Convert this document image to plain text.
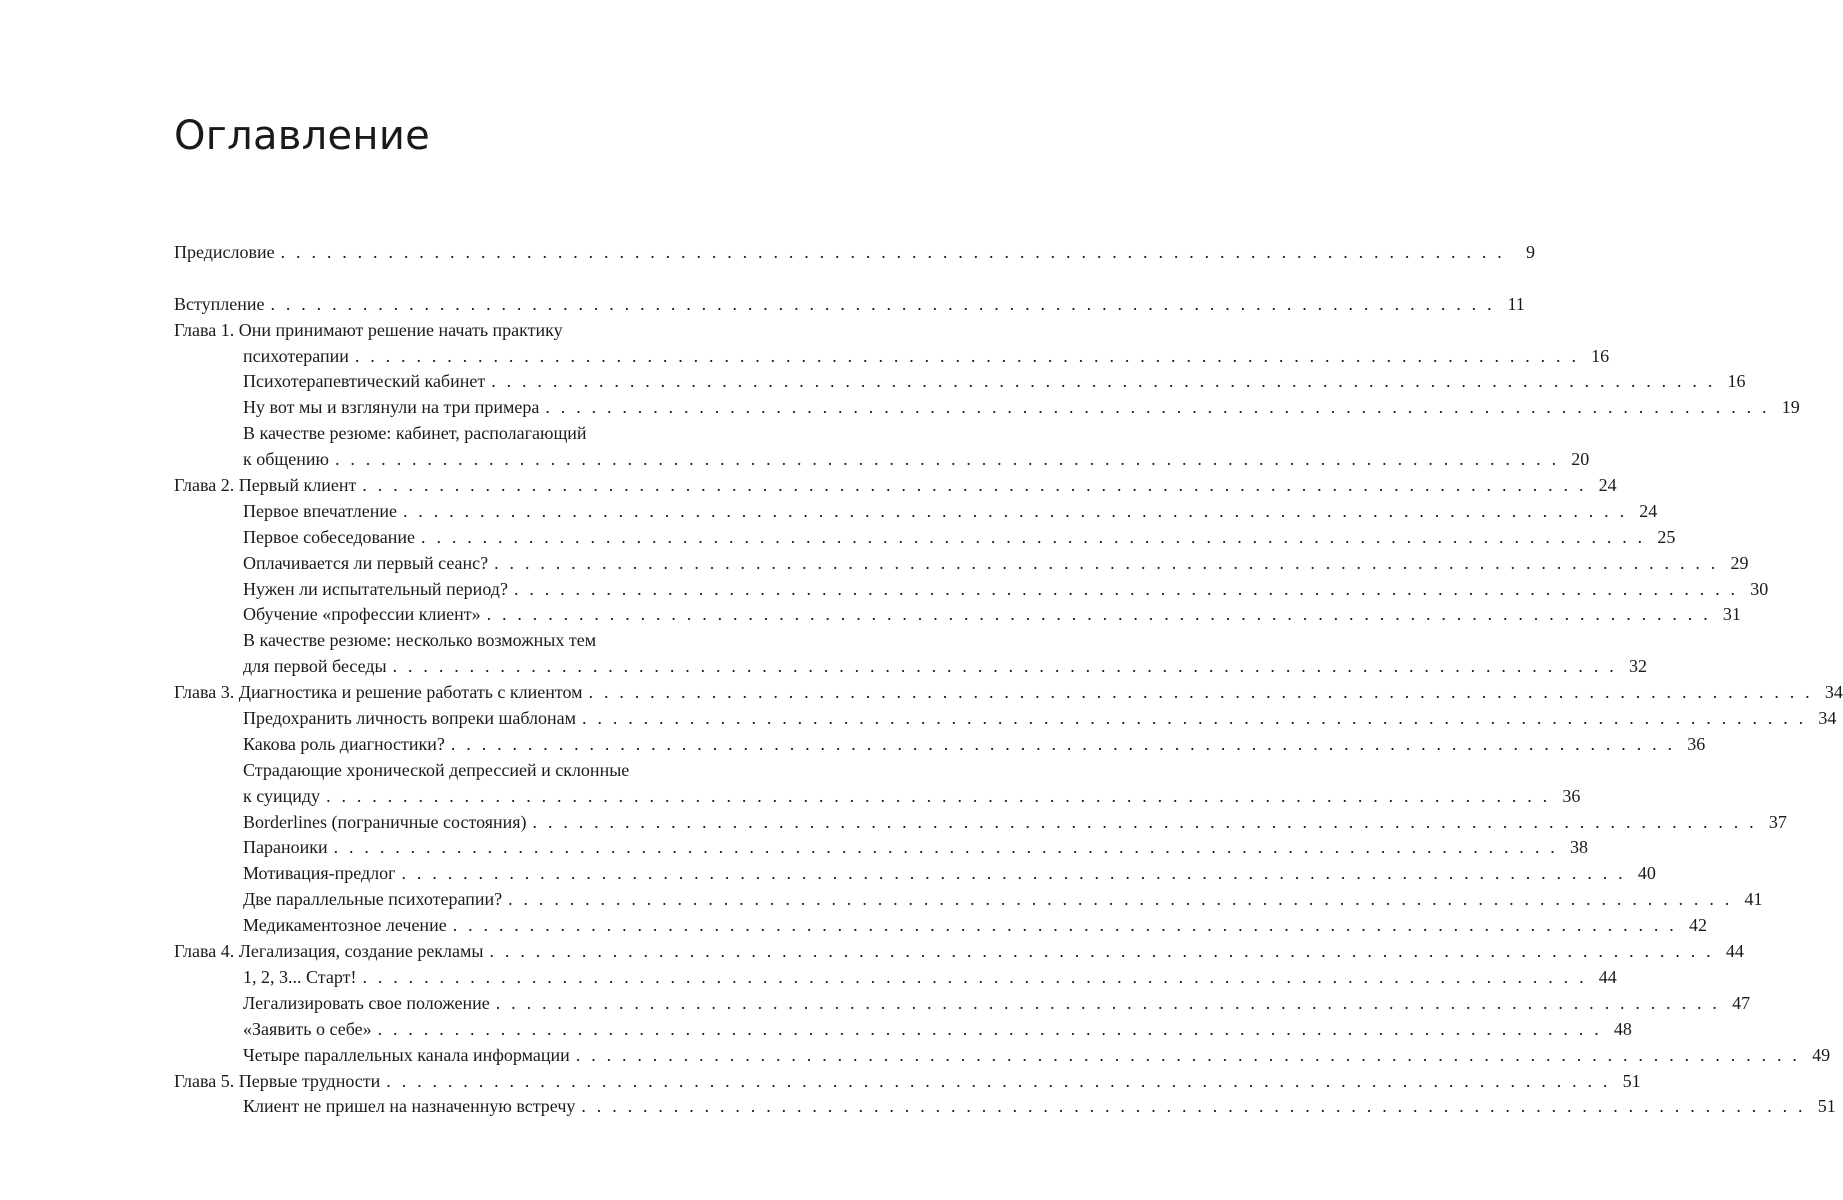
Оглавление
Предисловие . . . . . . . . . . . . . . . . . . . . . . . . . . . . . . . . . . . . . . . . . . . . . . . . . . . . . . . . . . . . . . . . . . . . . . . . . . . . . . . .	9
Вступление . . . . . . . . . . . . . . . . . . . . . . . . . . . . . . . . . . . . . . . . . . . . . . . . . . . . . . . . . . . . . . . . . . . . . . . . . . . . . . . . 11
Глава 1. Они принимают решение начать практику
психотерапии . . . . . . . . . . . . . . . . . . . . . . . . . . . . . . . . . . . . . . . . . . . . . . . . . . . . . . . . . . . . . . . . . . . . . . . . . . . . . . . . 16
Психотерапевтический кабинет . . . . . . . . . . . . . . . . . . . . . . . . . . . . . . . . . . . . . . . . . . . . . . . . . . . . . . . . . . . . . . . . . . . . . . . . . . . . . . . . 16
Ну вот мы и взглянули на три примера . . . . . . . . . . . . . . . . . . . . . . . . . . . . . . . . . . . . . . . . . . . . . . . . . . . . . . . . . . . . . . . . . . . . . . . . . . . . . . . . 19
В качестве резюме: кабинет, располагающий
к общению . . . . . . . . . . . . . . . . . . . . . . . . . . . . . . . . . . . . . . . . . . . . . . . . . . . . . . . . . . . . . . . . . . . . . . . . . . . . . . . . 20
Глава 2. Первый клиент . . . . . . . . . . . . . . . . . . . . . . . . . . . . . . . . . . . . . . . . . . . . . . . . . . . . . . . . . . . . . . . . . . . . . . . . . . . . . . . . 24
Первое впечатление . . . . . . . . . . . . . . . . . . . . . . . . . . . . . . . . . . . . . . . . . . . . . . . . . . . . . . . . . . . . . . . . . . . . . . . . . . . . . . . . 24
Первое собеседование . . . . . . . . . . . . . . . . . . . . . . . . . . . . . . . . . . . . . . . . . . . . . . . . . . . . . . . . . . . . . . . . . . . . . . . . . . . . . . . . 25
Оплачивается ли первый сеанс? . . . . . . . . . . . . . . . . . . . . . . . . . . . . . . . . . . . . . . . . . . . . . . . . . . . . . . . . . . . . . . . . . . . . . . . . . . . . . . . . 29
Нужен ли испытательный период? . . . . . . . . . . . . . . . . . . . . . . . . . . . . . . . . . . . . . . . . . . . . . . . . . . . . . . . . . . . . . . . . . . . . . . . . . . . . . . . . 30
Обучение «профессии клиент» . . . . . . . . . . . . . . . . . . . . . . . . . . . . . . . . . . . . . . . . . . . . . . . . . . . . . . . . . . . . . . . . . . . . . . . . . . . . . . . . 31
В качестве резюме: несколько возможных тем
для первой беседы . . . . . . . . . . . . . . . . . . . . . . . . . . . . . . . . . . . . . . . . . . . . . . . . . . . . . . . . . . . . . . . . . . . . . . . . . . . . . . . . 32
Глава 3. Диагностика и решение работать с клиентом . . . . . . . . . . . . . . . . . . . . . . . . . . . . . . . . . . . . . . . . . . . . . . . . . . . . . . . . . . . . . . . . . . . . . . . . . . . . . . . . 34
Предохранить личность вопреки шаблонам . . . . . . . . . . . . . . . . . . . . . . . . . . . . . . . . . . . . . . . . . . . . . . . . . . . . . . . . . . . . . . . . . . . . . . . . . . . . . . . . 34
Какова роль диагностики? . . . . . . . . . . . . . . . . . . . . . . . . . . . . . . . . . . . . . . . . . . . . . . . . . . . . . . . . . . . . . . . . . . . . . . . . . . . . . . . . 36
Страдающие хронической депрессией и склонные
к суициду . . . . . . . . . . . . . . . . . . . . . . . . . . . . . . . . . . . . . . . . . . . . . . . . . . . . . . . . . . . . . . . . . . . . . . . . . . . . . . . . 36
Borderlines (пограничные состояния) . . . . . . . . . . . . . . . . . . . . . . . . . . . . . . . . . . . . . . . . . . . . . . . . . . . . . . . . . . . . . . . . . . . . . . . . . . . . . . . . 37
Параноики . . . . . . . . . . . . . . . . . . . . . . . . . . . . . . . . . . . . . . . . . . . . . . . . . . . . . . . . . . . . . . . . . . . . . . . . . . . . . . . . 38
Мотивация-предлог . . . . . . . . . . . . . . . . . . . . . . . . . . . . . . . . . . . . . . . . . . . . . . . . . . . . . . . . . . . . . . . . . . . . . . . . . . . . . . . . 40
Две параллельные психотерапии? . . . . . . . . . . . . . . . . . . . . . . . . . . . . . . . . . . . . . . . . . . . . . . . . . . . . . . . . . . . . . . . . . . . . . . . . . . . . . . . . 41
Медикаментозное лечение . . . . . . . . . . . . . . . . . . . . . . . . . . . . . . . . . . . . . . . . . . . . . . . . . . . . . . . . . . . . . . . . . . . . . . . . . . . . . . . . 42
Глава 4. Легализация, создание рекламы . . . . . . . . . . . . . . . . . . . . . . . . . . . . . . . . . . . . . . . . . . . . . . . . . . . . . . . . . . . . . . . . . . . . . . . . . . . . . . . . 44
1, 2, 3... Старт! . . . . . . . . . . . . . . . . . . . . . . . . . . . . . . . . . . . . . . . . . . . . . . . . . . . . . . . . . . . . . . . . . . . . . . . . . . . . . . . . 44
Легализировать свое положение . . . . . . . . . . . . . . . . . . . . . . . . . . . . . . . . . . . . . . . . . . . . . . . . . . . . . . . . . . . . . . . . . . . . . . . . . . . . . . . . 47
«Заявить о себе» . . . . . . . . . . . . . . . . . . . . . . . . . . . . . . . . . . . . . . . . . . . . . . . . . . . . . . . . . . . . . . . . . . . . . . . . . . . . . . . . 48
Четыре параллельных канала информации . . . . . . . . . . . . . . . . . . . . . . . . . . . . . . . . . . . . . . . . . . . . . . . . . . . . . . . . . . . . . . . . . . . . . . . . . . . . . . . . 49
Глава 5. Первые трудности . . . . . . . . . . . . . . . . . . . . . . . . . . . . . . . . . . . . . . . . . . . . . . . . . . . . . . . . . . . . . . . . . . . . . . . . . . . . . . . . 51
Клиент не пришел на назначенную встречу . . . . . . . . . . . . . . . . . . . . . . . . . . . . . . . . . . . . . . . . . . . . . . . . . . . . . . . . . . . . . . . . . . . . . . . . . . . . . . . . 51
